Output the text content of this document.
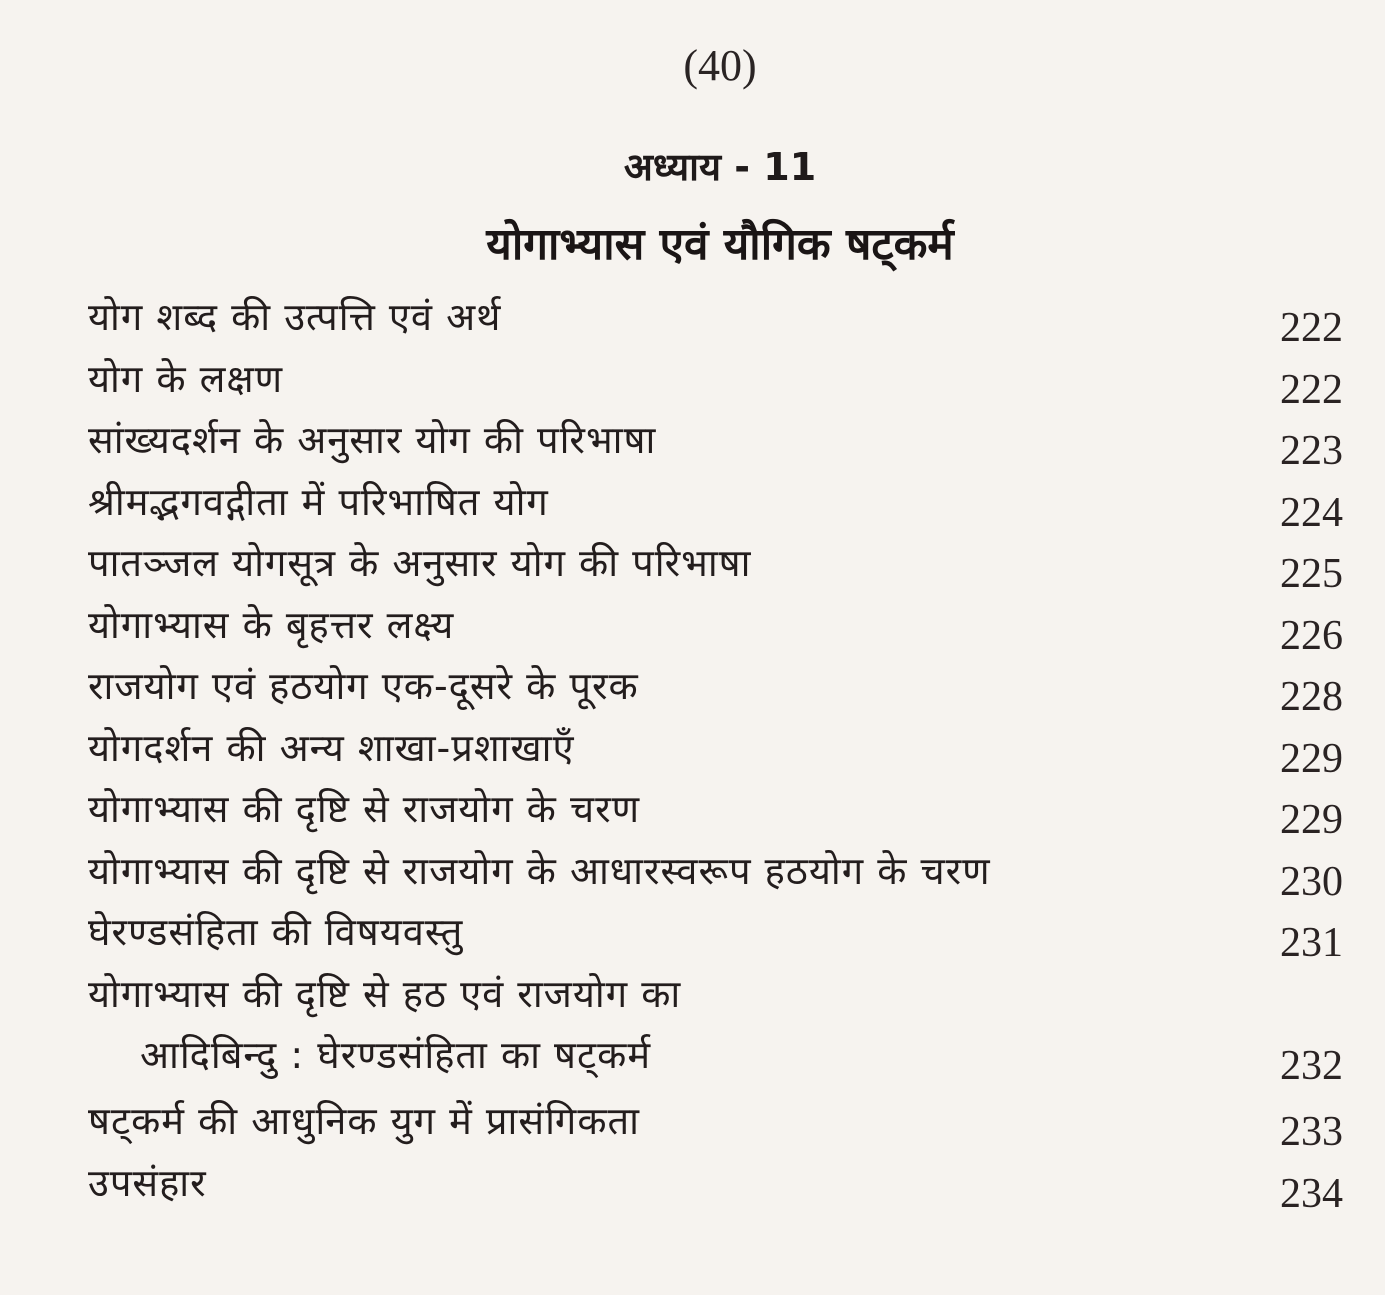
(40)
अध्याय - 11
योगाभ्यास एवं यौगिक षट्कर्म
योग शब्द की उत्पत्ति एवं अर्थ	222
योग के लक्षण	222
सांख्यदर्शन के अनुसार योग की परिभाषा	223
श्रीमद्भगवद्गीता में परिभाषित योग	224
पातञ्जल योगसूत्र के अनुसार योग की परिभाषा	225
योगाभ्यास के बृहत्तर लक्ष्य	226
राजयोग एवं हठयोग एक-दूसरे के पूरक	228
योगदर्शन की अन्य शाखा-प्रशाखाएँ	229
योगाभ्यास की दृष्टि से राजयोग के चरण	229
योगाभ्यास की दृष्टि से राजयोग के आधारस्वरूप हठयोग के चरण	230
घेरण्डसंहिता की विषयवस्तु	231
योगाभ्यास की दृष्टि से हठ एवं राजयोग का
आदिबिन्दु : घेरण्डसंहिता का षट्कर्म	232
षट्कर्म की आधुनिक युग में प्रासंगिकता	233
उपसंहार	234
